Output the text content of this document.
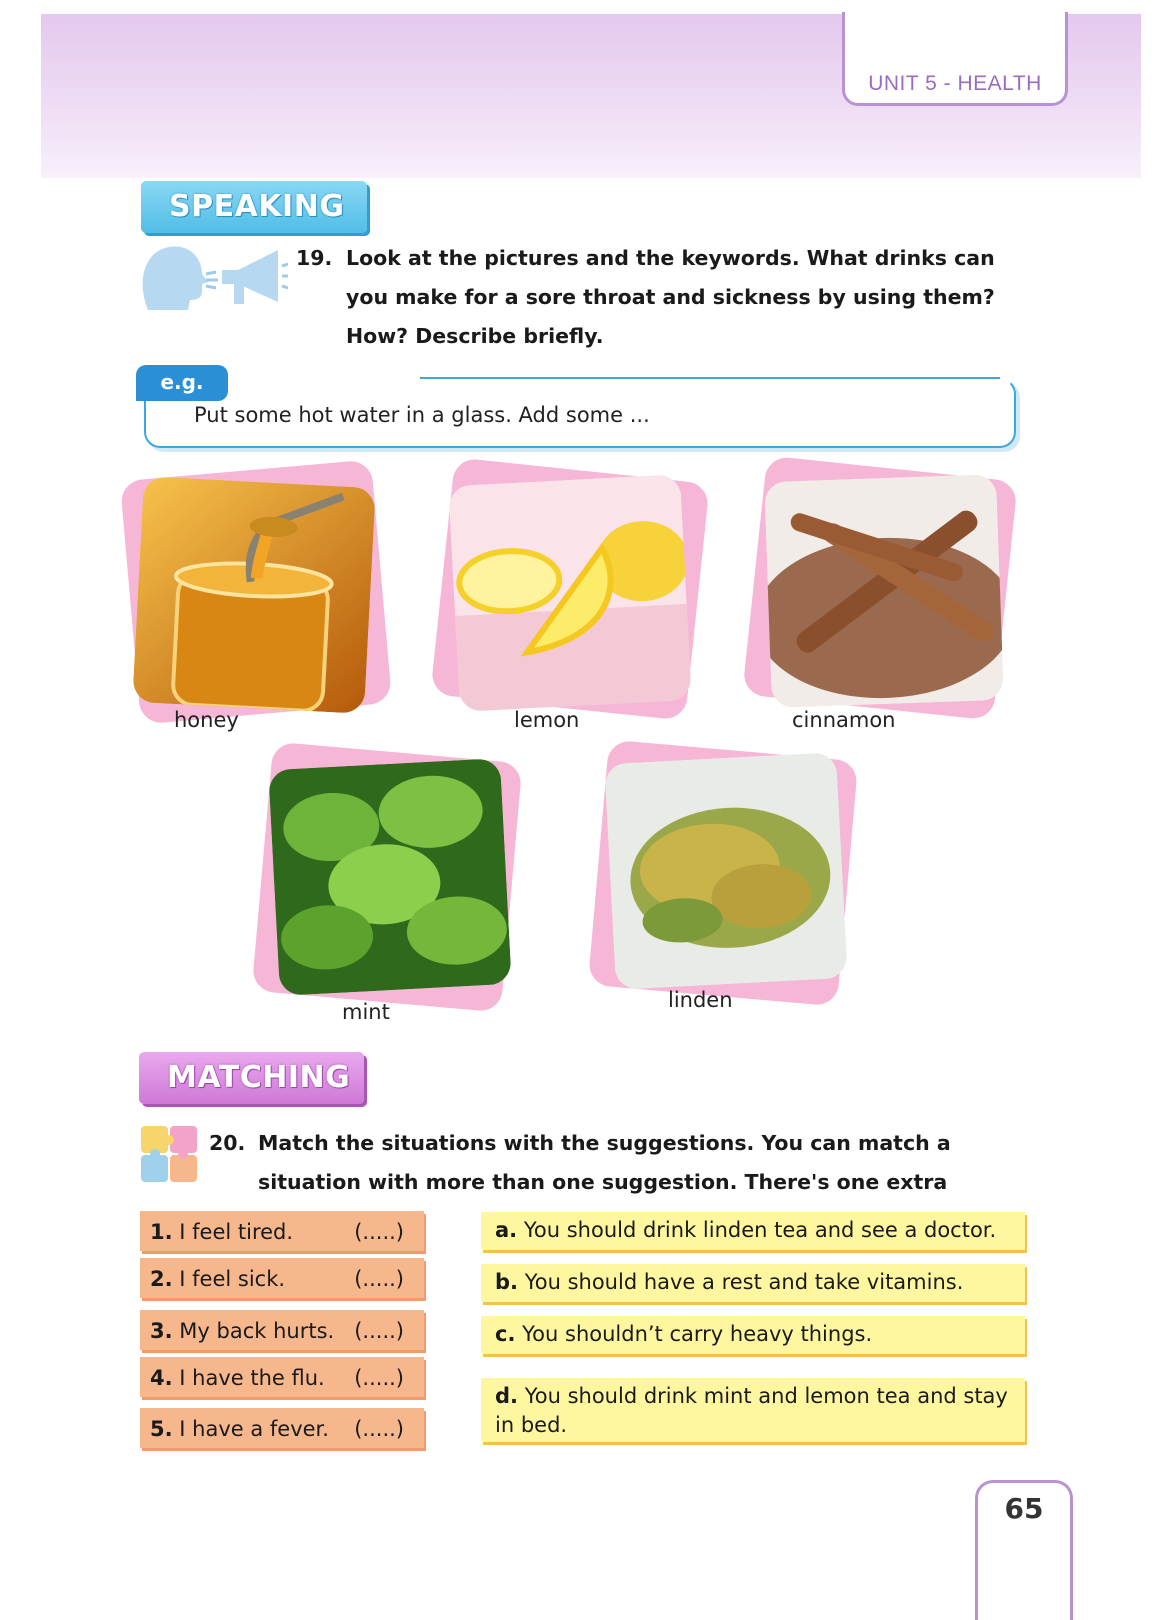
UNIT 5 - HEALTH
SPEAKING
19. Look at the pictures and the keywords. What drinks can you make for a sore throat and sickness by using them? How? Describe briefly.
e.g.
Put some hot water in a glass. Add some ...
honey	lemon	cinnamon
mint	linden
MATCHING
20. Match the situations with the suggestions. You can match a situation with more than one suggestion. There's one extra
1. I feel tired.	(.....)
2. I feel sick.	(.....)
3. My back hurts. (.....)
4. I have the flu. (.....)
5. I have a fever. (.....)
a. You should drink linden tea and see a doctor.
b. You should have a rest and take vitamins.
c. You shouldn’t carry heavy things.
d. You should drink mint and lemon tea and stay in bed.
65
